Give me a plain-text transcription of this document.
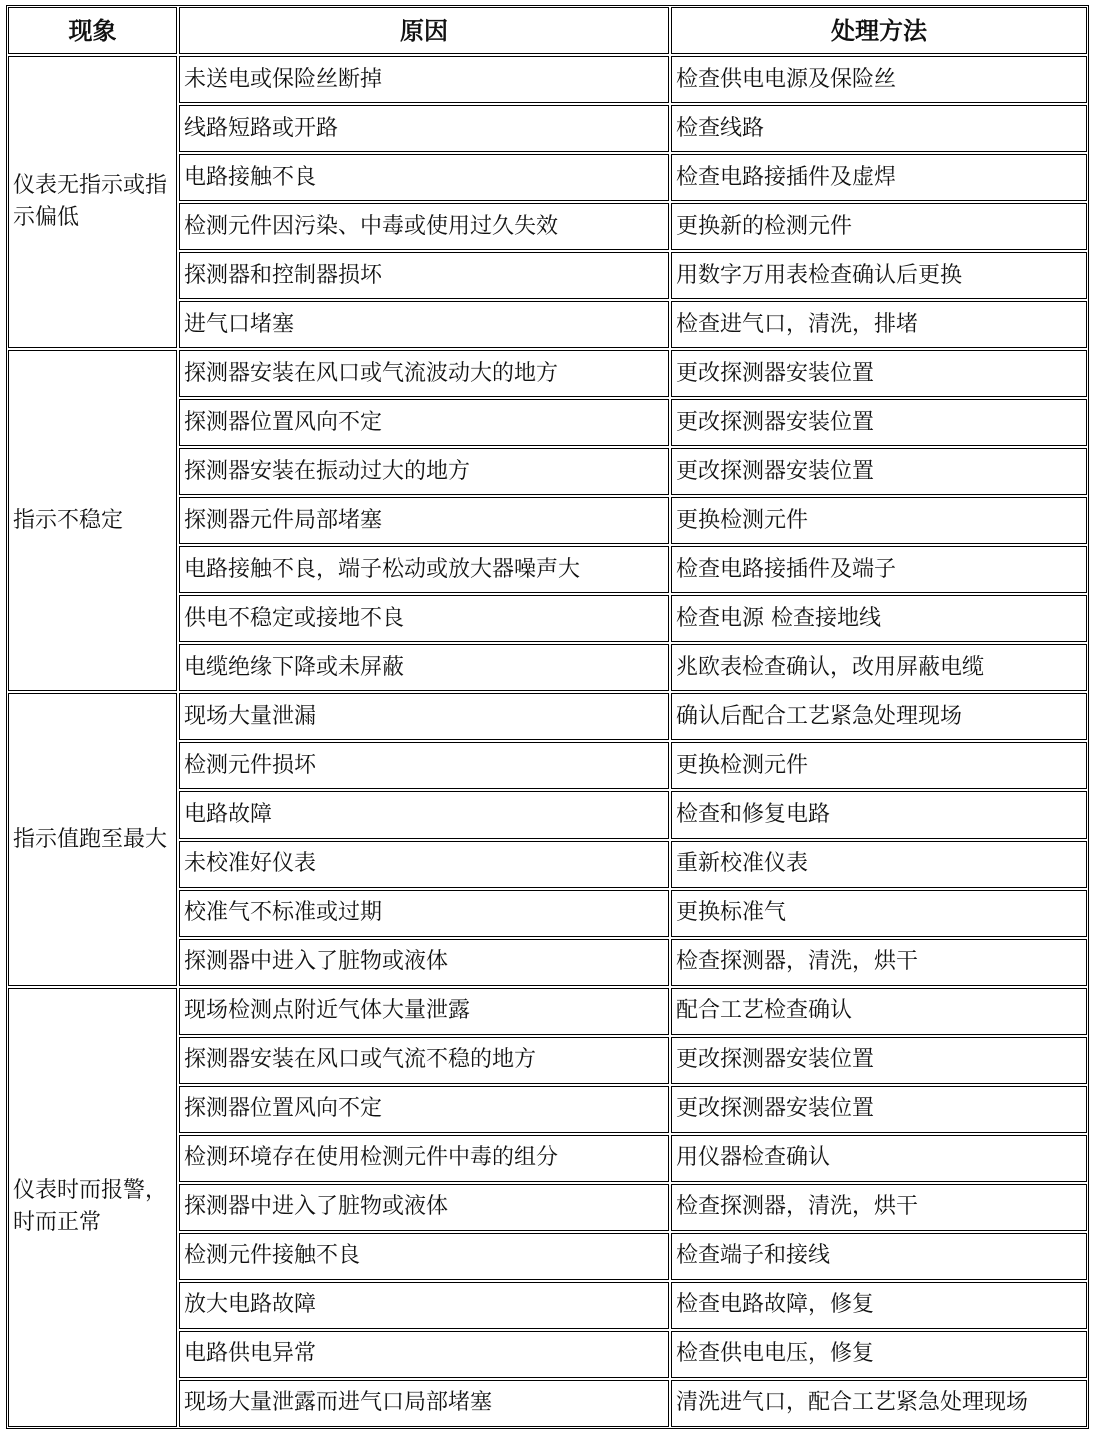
现象	原因	处理方法
仪表无指示或指示偏低	未送电或保险丝断掉	检查供电电源及保险丝
	线路短路或开路	检查线路
	电路接触不良	检查电路接插件及虚焊
	检测元件因污染、中毒或使用过久失效	更换新的检测元件
	探测器和控制器损坏	用数字万用表检查确认后更换
	进气口堵塞	检查进气口，清洗，排堵
指示不稳定	探测器安装在风口或气流波动大的地方	更改探测器安装位置
	探测器位置风向不定	更改探测器安装位置
	探测器安装在振动过大的地方	更改探测器安装位置
	探测器元件局部堵塞	更换检测元件
	电路接触不良，端子松动或放大器噪声大	检查电路接插件及端子
	供电不稳定或接地不良	检查电源 检查接地线
	电缆绝缘下降或未屏蔽	兆欧表检查确认，改用屏蔽电缆
指示值跑至最大	现场大量泄漏	确认后配合工艺紧急处理现场
	检测元件损坏	更换检测元件
	电路故障	检查和修复电路
	未校准好仪表	重新校准仪表
	校准气不标准或过期	更换标准气
	探测器中进入了脏物或液体	检查探测器，清洗，烘干
仪表时而报警，时而正常	现场检测点附近气体大量泄露	配合工艺检查确认
	探测器安装在风口或气流不稳的地方	更改探测器安装位置
	探测器位置风向不定	更改探测器安装位置
	检测环境存在使用检测元件中毒的组分	用仪器检查确认
	探测器中进入了脏物或液体	检查探测器，清洗，烘干
	检测元件接触不良	检查端子和接线
	放大电路故障	检查电路故障，修复
	电路供电异常	检查供电电压，修复
	现场大量泄露而进气口局部堵塞	清洗进气口，配合工艺紧急处理现场
